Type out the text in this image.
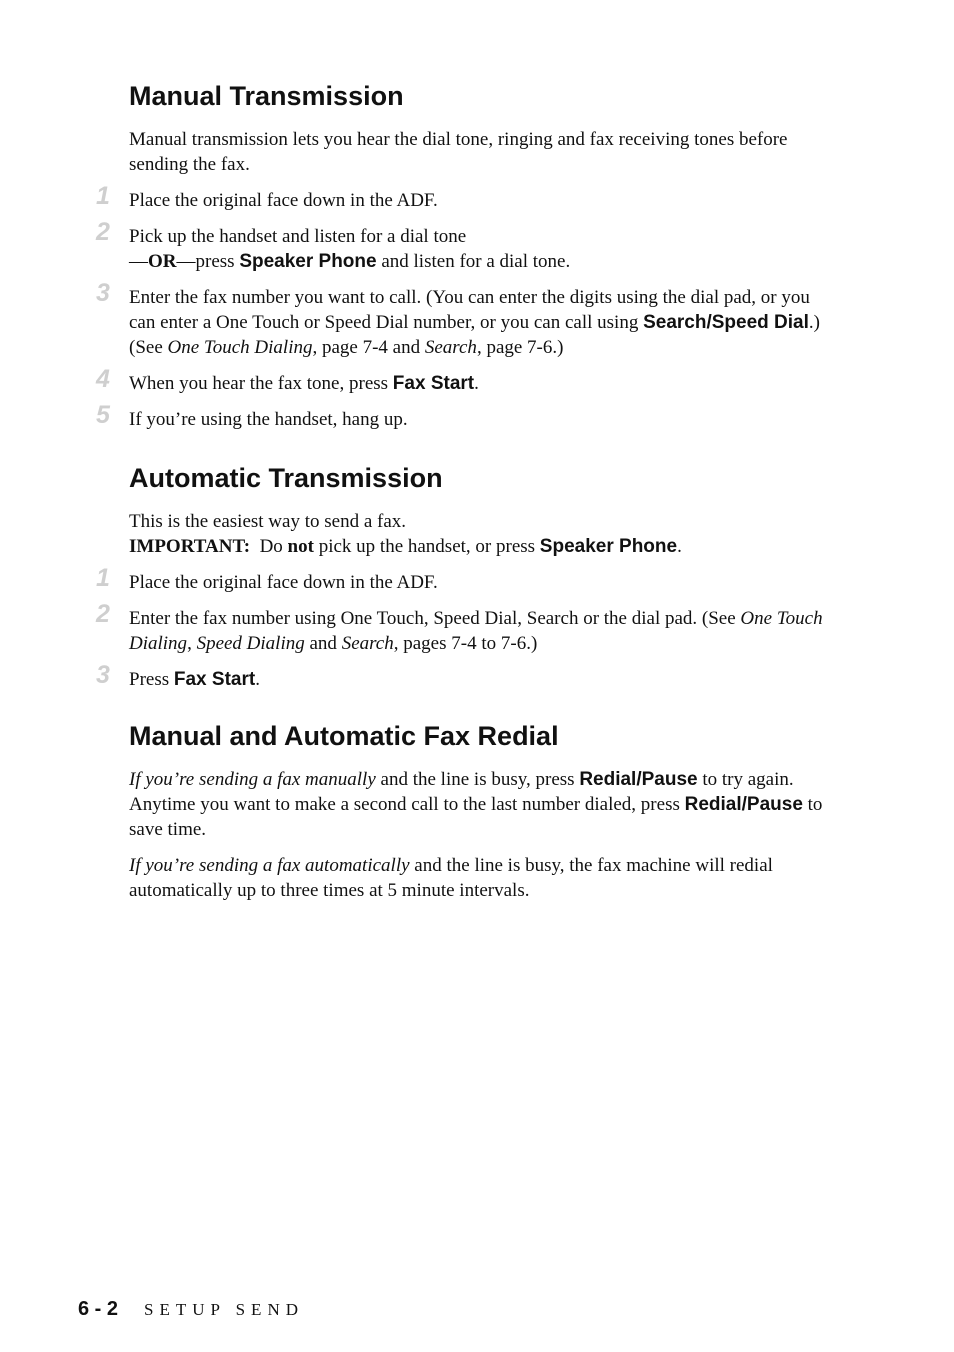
Manual Transmission

Manual transmission lets you hear the dial tone, ringing and fax receiving tones before sending the fax.

1 Place the original face down in the ADF.
2 Pick up the handset and listen for a dial tone
—OR—press Speaker Phone and listen for a dial tone.
3 Enter the fax number you want to call. (You can enter the digits using the dial pad, or you can enter a One Touch or Speed Dial number, or you can call using Search/Speed Dial.) (See One Touch Dialing, page 7-4 and Search, page 7-6.)
4 When you hear the fax tone, press Fax Start.
5 If you’re using the handset, hang up.
Automatic Transmission

This is the easiest way to send a fax.
IMPORTANT:  Do not pick up the handset, or press Speaker Phone.

1 Place the original face down in the ADF.
2 Enter the fax number using One Touch, Speed Dial, Search or the dial pad. (See One Touch Dialing, Speed Dialing and Search, pages 7-4 to 7-6.)
3 Press Fax Start.
Manual and Automatic Fax Redial

If you’re sending a fax manually and the line is busy, press Redial/Pause to try again. Anytime you want to make a second call to the last number dialed, press Redial/Pause to save time.

If you’re sending a fax automatically and the line is busy, the fax machine will redial automatically up to three times at 5 minute intervals.

6 - 2 SETUP SEND
